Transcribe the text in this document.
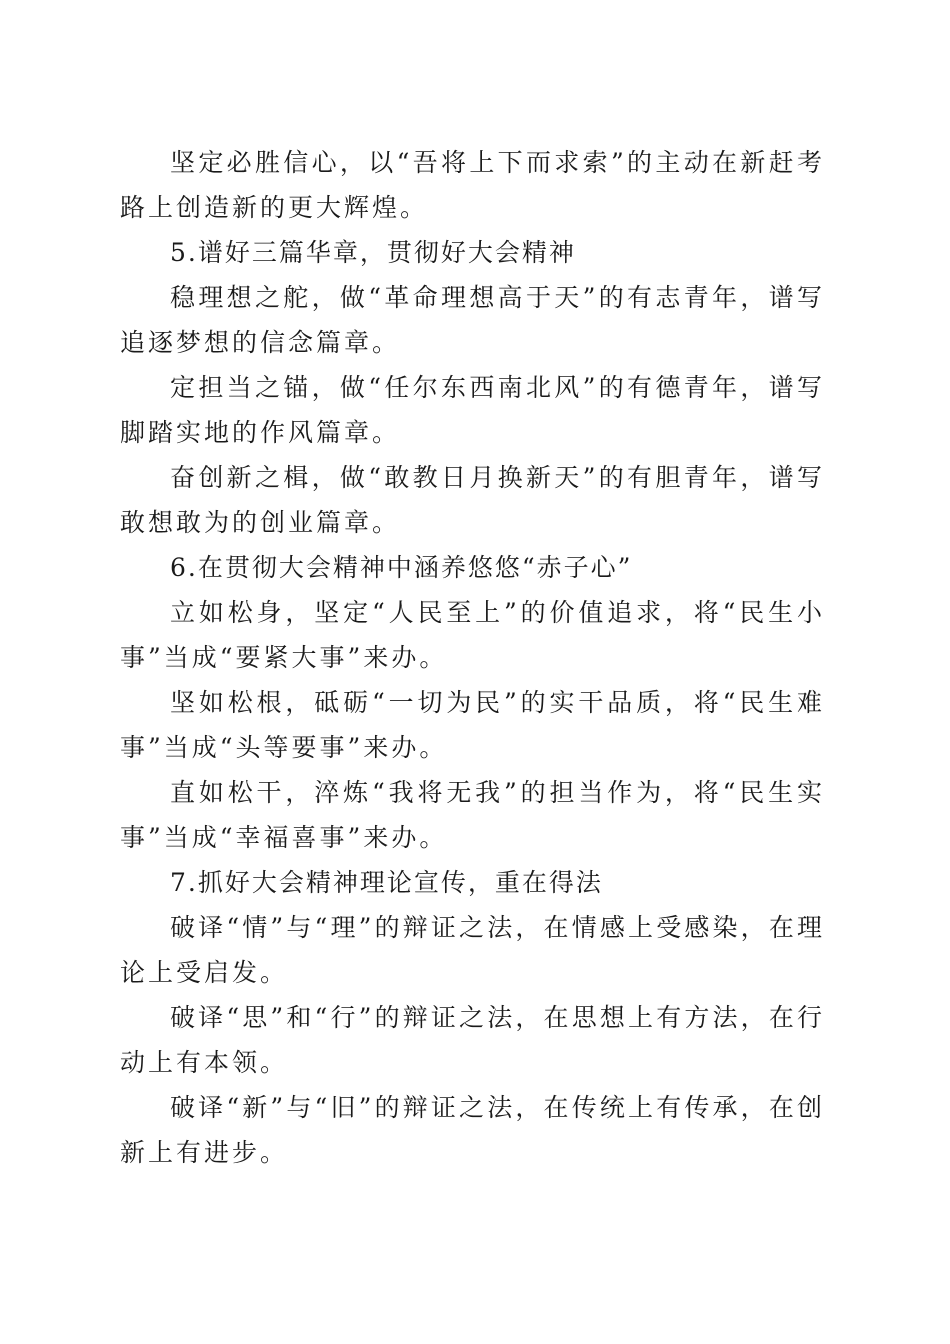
坚定必胜信心，以“吾将上下而求索”的主动在新赶考路上创造新的更大辉煌。

5.谱好三篇华章，贯彻好大会精神

稳理想之舵，做“革命理想高于天”的有志青年，谱写追逐梦想的信念篇章。

定担当之锚，做“任尔东西南北风”的有德青年，谱写脚踏实地的作风篇章。

奋创新之楫，做“敢教日月换新天”的有胆青年，谱写敢想敢为的创业篇章。

6.在贯彻大会精神中涵养悠悠“赤子心”

立如松身，坚定“人民至上”的价值追求，将“民生小事”当成“要紧大事”来办。

坚如松根，砥砺“一切为民”的实干品质，将“民生难事”当成“头等要事”来办。

直如松干，淬炼“我将无我”的担当作为，将“民生实事”当成“幸福喜事”来办。

7.抓好大会精神理论宣传，重在得法

破译“情”与“理”的辩证之法，在情感上受感染，在理论上受启发。

破译“思”和“行”的辩证之法，在思想上有方法，在行动上有本领。

破译“新”与“旧”的辩证之法，在传统上有传承，在创新上有进步。
